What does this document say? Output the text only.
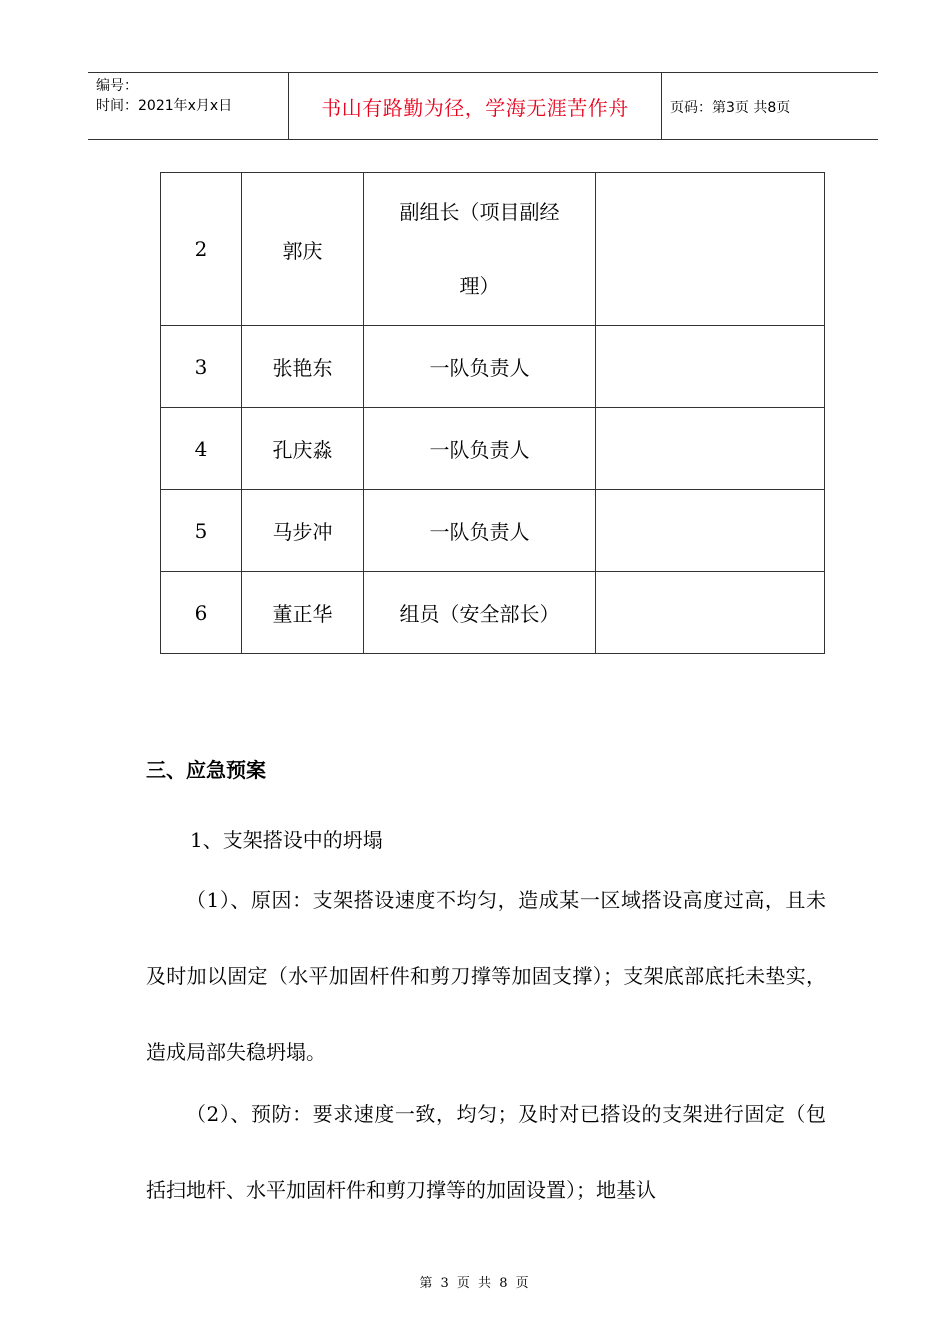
编号：
时间：2021年x月x日	书山有路勤为径，学海无涯苦作舟	页码：第3页 共8页
2	郭庆	副组长（项目副经理）	
3	张艳东	一队负责人	
4	孔庆淼	一队负责人	
5	马步冲	一队负责人	
6	董正华	组员（安全部长）	
三、应急预案
1、支架搭设中的坍塌

（1）、原因：支架搭设速度不均匀，造成某一区域搭设高度过高，且未及时加以固定（水平加固杆件和剪刀撑等加固支撑）；支架底部底托未垫实，造成局部失稳坍塌。

（2）、预防：要求速度一致，均匀；及时对已搭设的支架进行固定（包括扫地杆、水平加固杆件和剪刀撑等的加固设置）；地基认

第 3 页 共 8 页
